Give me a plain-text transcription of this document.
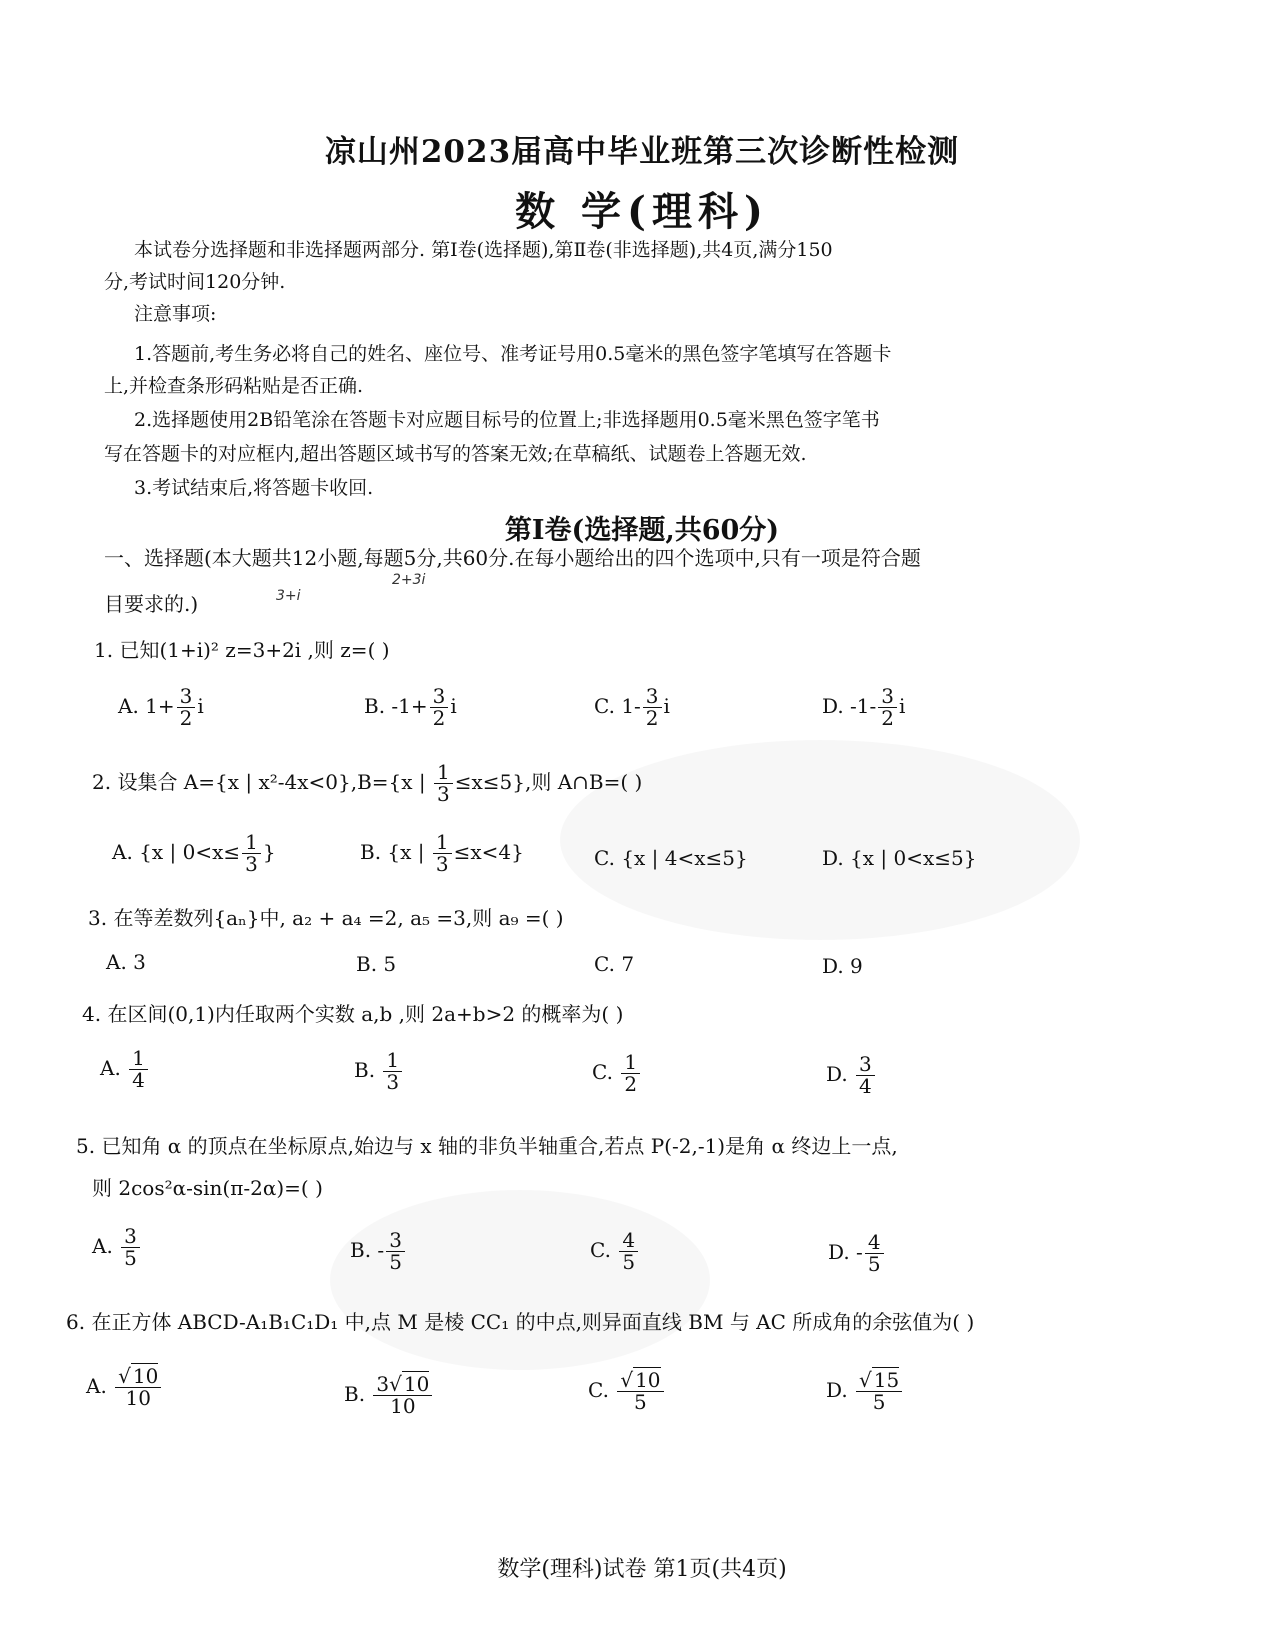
凉山州2023届高中毕业班第三次诊断性检测
数 学(理科)
本试卷分选择题和非选择题两部分. 第Ⅰ卷(选择题),第Ⅱ卷(非选择题),共4页,满分150
分,考试时间120分钟.
注意事项:
1.答题前,考生务必将自己的姓名、座位号、准考证号用0.5毫米的黑色签字笔填写在答题卡
上,并检查条形码粘贴是否正确.
2.选择题使用2B铅笔涂在答题卡对应题目标号的位置上;非选择题用0.5毫米黑色签字笔书
写在答题卡的对应框内,超出答题区域书写的答案无效;在草稿纸、试题卷上答题无效.
3.考试结束后,将答题卡收回.
第Ⅰ卷(选择题,共60分)
一、选择题(本大题共12小题,每题5分,共60分.在每小题给出的四个选项中,只有一项是符合题
目要求的.)	3+i
2+3i
1. 已知(1+i)² z=3+2i ,则 z=( )
A. $1+ \frac{3}{2}$ i	B. $-1+ \frac{3}{2}$ i	C. $1- \frac{3}{2}$ i	D. $-1- \frac{3}{2}$ i
2. 设集合 A={x | x²-4x<0},B={x | $\frac{1}{3} \le x\le 5$},则 A∩B=( )
A. {x | $0<x\le \frac{1}{3}$ }	B. {x | $\frac{1}{3} \le x<4$}	C. {x | 4<x≤5}	D. {x | 0<x≤5}
3. 在等差数列{aₙ}中, a₂ + a₄ =2, a₅ =3,则 a₉ =( )
A. 3	B. 5	C. 7	D. 9
4. 在区间(0,1)内任取两个实数 a,b ,则 2a+b>2 的概率为( )
A. $\frac{1}{4}$	B. $\frac{1}{3}$	C. $\frac{1}{2}$	D. $\frac{3}{4}$
5. 已知角 α 的顶点在坐标原点,始边与 x 轴的非负半轴重合,若点 P(-2,-1)是角 α 终边上一点,
则 2cos²α-sin(π-2α)=( )
A. $\frac{3}{5}$	B. - $\frac{3}{5}$	C. $\frac{4}{5}$	D. - $\frac{4}{5}$
6. 在正方体 ABCD-A₁B₁C₁D₁ 中,点 M 是棱 CC₁ 的中点,则异面直线 BM 与 AC 所成角的余弦值为( )
A. $\frac{√ 10}{10}$	B. $\frac{3√ 10}{10}$	C. $\frac{√ 10}{5}$	D. $\frac{√ 15}{5}$
数学(理科)试卷 第1页(共4页)
